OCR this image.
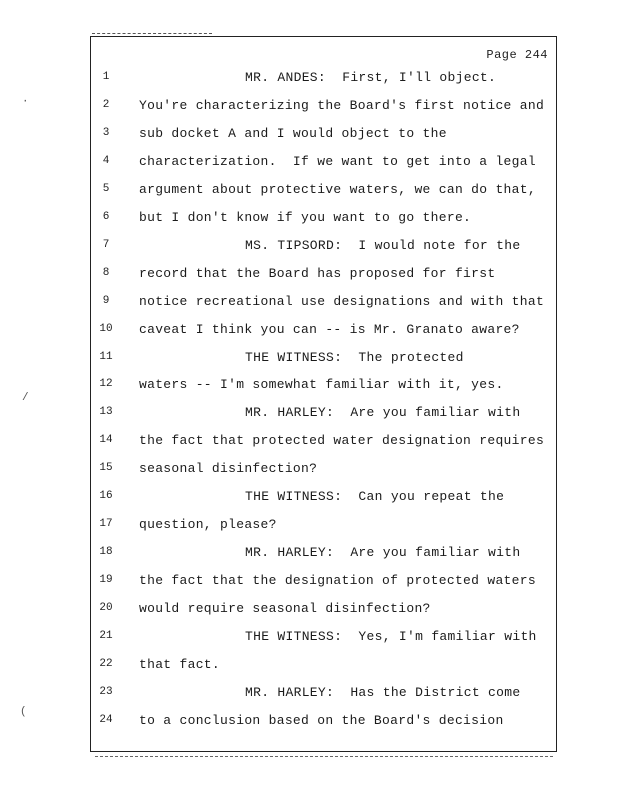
·
/
(
Page 244
1	MR. ANDES:  First, I'll object.
2	You're characterizing the Board's first notice and
3	sub docket A and I would object to the
4	characterization.  If we want to get into a legal
5	argument about protective waters, we can do that,
6	but I don't know if you want to go there.
7	MS. TIPSORD:  I would note for the
8	record that the Board has proposed for first
9	notice recreational use designations and with that
10 caveat I think you can -- is Mr. Granato aware?
11	THE WITNESS:  The protected
12 waters -- I'm somewhat familiar with it, yes.
13	MR. HARLEY:  Are you familiar with
14 the fact that protected water designation requires
15 seasonal disinfection?
16	THE WITNESS:  Can you repeat the
17 question, please?
18	MR. HARLEY:  Are you familiar with
19 the fact that the designation of protected waters
20 would require seasonal disinfection?
21	THE WITNESS:  Yes, I'm familiar with
22 that fact.
23	MR. HARLEY:  Has the District come
24 to a conclusion based on the Board's decision
